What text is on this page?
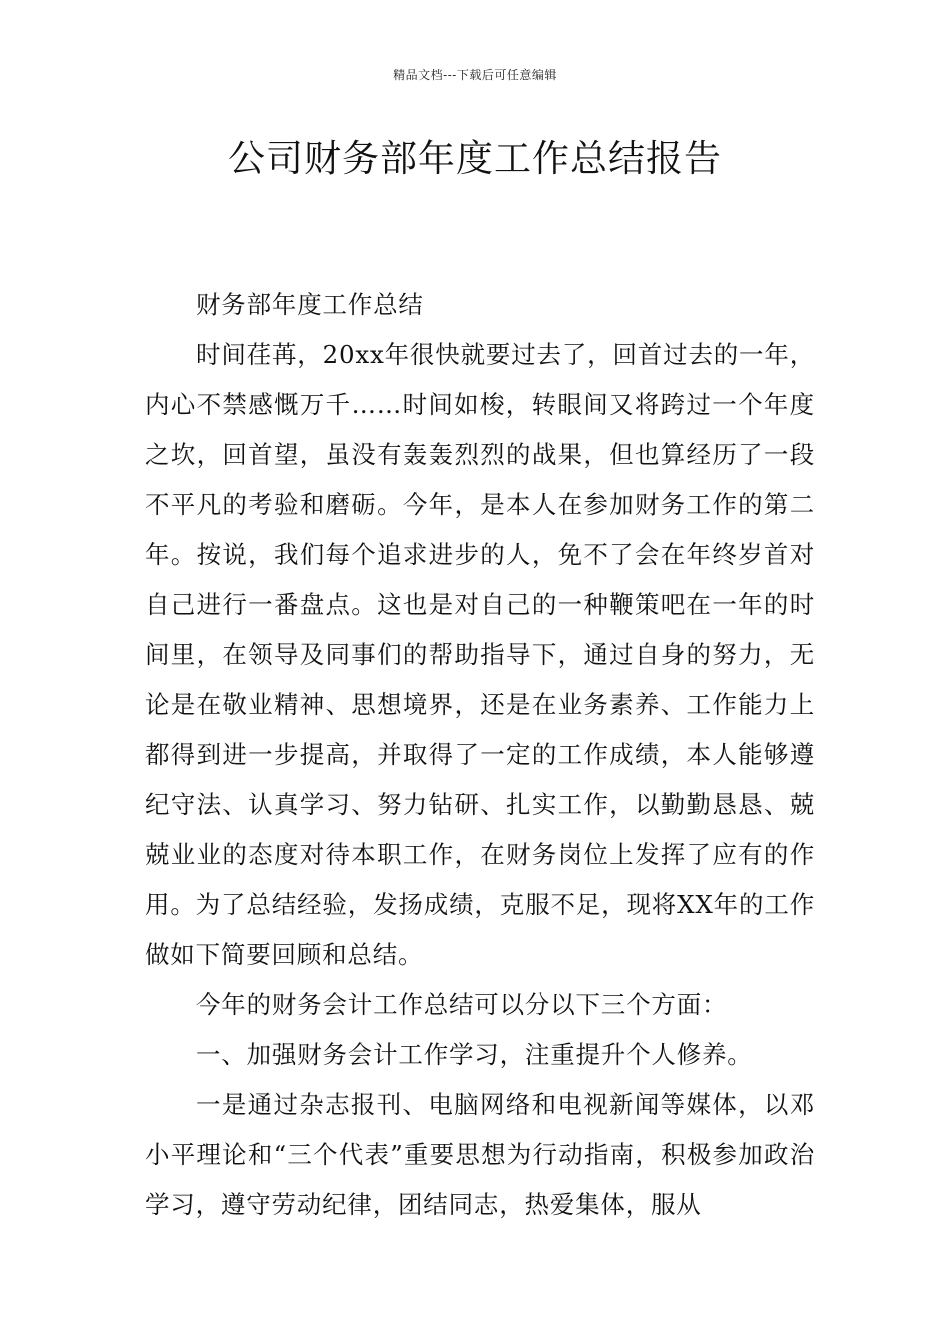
精品文档---下载后可任意编辑
公司财务部年度工作总结报告

财务部年度工作总结

时间荏苒，20xx年很快就要过去了，回首过去的一年，内心不禁感慨万千……时间如梭，转眼间又将跨过一个年度之坎，回首望，虽没有轰轰烈烈的战果，但也算经历了一段不平凡的考验和磨砺。今年，是本人在参加财务工作的第二年。按说，我们每个追求进步的人，免不了会在年终岁首对自己进行一番盘点。这也是对自己的一种鞭策吧在一年的时间里，在领导及同事们的帮助指导下，通过自身的努力，无论是在敬业精神、思想境界，还是在业务素养、工作能力上都得到进一步提高，并取得了一定的工作成绩，本人能够遵纪守法、认真学习、努力钻研、扎实工作，以勤勤恳恳、兢兢业业的态度对待本职工作，在财务岗位上发挥了应有的作用。为了总结经验，发扬成绩，克服不足，现将XX年的工作做如下简要回顾和总结。

今年的财务会计工作总结可以分以下三个方面：

一、加强财务会计工作学习，注重提升个人修养。

一是通过杂志报刊、电脑网络和电视新闻等媒体，以邓小平理论和“三个代表”重要思想为行动指南，积极参加政治学习，遵守劳动纪律，团结同志，热爱集体，服从
